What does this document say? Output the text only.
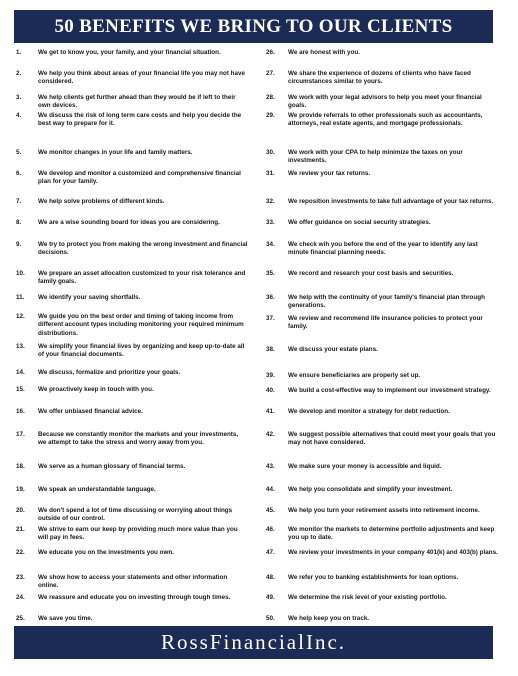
50 BENEFITS WE BRING TO OUR CLIENTS
1.	We get to know you, your family, and your financial situation.
2.	We help you think about areas of your financial life you may not have considered.
3.	We help clients get further ahead than they would be if left to their own devices.
4.	We discuss the risk of long term care costs and help you decide the best way to prepare for it.
5.	We monitor changes in your life and family matters.
6.	We develop and monitor a customized and comprehensive financial plan for your family.
7.	We help solve problems of different kinds.
8.	We are a wise sounding board for ideas you are considering.
9.	We try to protect you from making the wrong investment and financial decisions.
10.	We prepare an asset allocation customized to your risk tolerance and family goals.
11.	We identify your saving shortfalls.
12.	We guide you on the best order and timing of taking income from different account types including monitoring your required minimum distributions.
13.	We simplify your financial lives by organizing and keep up-to-date all of your financial documents.
14.	We discuss, formalize and prioritize your goals.
15.	We proactively keep in touch with you.
16.	We offer unbiased financial advice.
17.	Because we constantly monitor the markets and your investments, we attempt to take the stress and worry away from you.
18.	We serve as a human glossary of financial terms.
19.	We speak an understandable language.
20.	We don't spend a lot of time discussing or worrying about things outside of our control.
21.	We strive to earn our keep by providing much more value than you will pay in fees.
22.	We educate you on the investments you own.
23.	We show how to access your statements and other information online.
24.	We reassure and educate you on investing through tough times.
25.	We save you time.
26.	We are honest with you.
27.	We share the experience of dozens of clients who have faced circumstances similar to yours.
28.	We work with your legal advisors to help you meet your financial goals.
29.	We provide referrals to other professionals such as accountants, attorneys, real estate agents, and mortgage professionals.
30.	We work with your CPA to help minimize the taxes on your investments.
31.	We review your tax returns.
32.	We reposition investments to take full advantage of your tax returns.
33.	We offer guidance on social security strategies.
34.	We check wih you before the end of the year to identify any last minute financial planning needs.
35.	We record and research your cost basis and securities.
36.	We help with the continuity of your family's financial plan through generations.
37.	We review and recommend life insurance policies to protect your family.
38.	We discuss your estate plans.
39.	We ensure beneficiaries are properly set up.
40.	We build a cost-effective way to implement our investment strategy.
41.	We develop and monitor a strategy for debt reduction.
42.	We suggest possible alternatives that could meet your goals that you may not have considered.
43.	We make sure your money is accessible and liquid.
44.	We help you consolidate and simplify your investment.
45.	We help you turn your retirement assets into retirement income.
46.	We monitor the markets to determine portfolio adjustments and keep you up to date.
47.	We review your investments in your company 401(k) and 403(b) plans.
48.	We refer you to banking establishments for loan options.
49.	We determine the risk level of your existing portfolio.
50.	We help keep you on track.
RossFinancialInc.
